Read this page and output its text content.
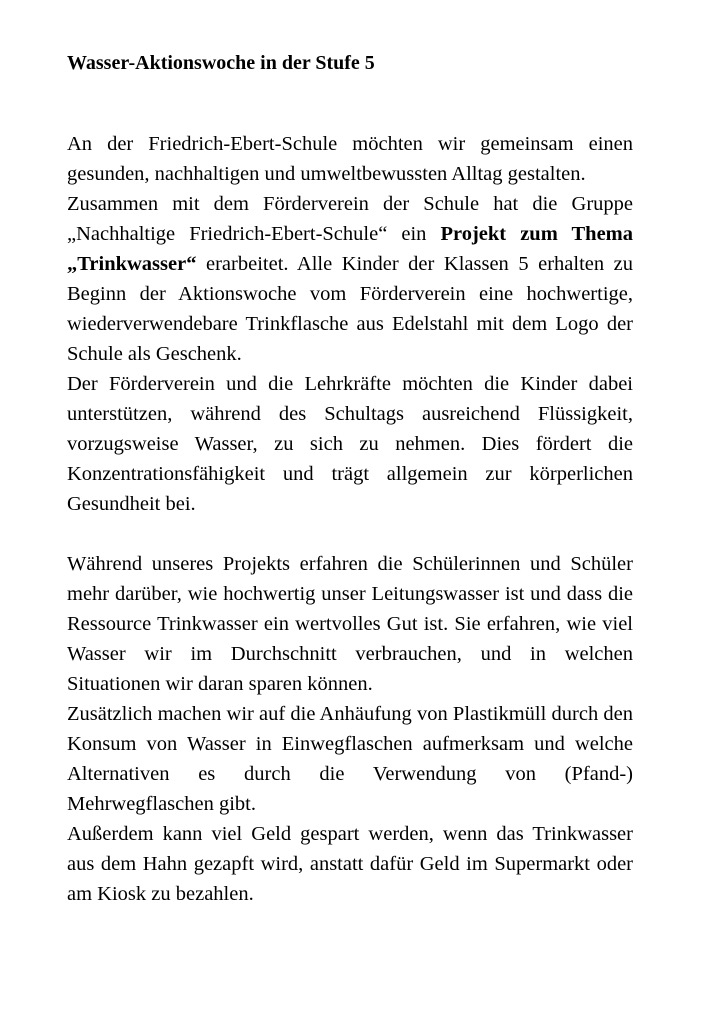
Wasser-Aktionswoche in der Stufe 5

An der Friedrich-Ebert-Schule möchten wir gemeinsam einen gesunden, nachhaltigen und umweltbewussten Alltag gestalten.

Zusammen mit dem Förderverein der Schule hat die Gruppe „Nachhaltige Friedrich-Ebert-Schule“ ein Projekt zum Thema „Trinkwasser“ erarbeitet. Alle Kinder der Klassen 5 erhalten zu Beginn der Aktionswoche vom Förderverein eine hochwertige, wiederverwendebare Trinkflasche aus Edelstahl mit dem Logo der Schule als Geschenk.

Der Förderverein und die Lehrkräfte möchten die Kinder dabei unterstützen, während des Schultags ausreichend Flüssigkeit, vorzugsweise Wasser, zu sich zu nehmen. Dies fördert die Konzentrationsfähigkeit und trägt allgemein zur körperlichen Gesundheit bei.

Während unseres Projekts erfahren die Schülerinnen und Schüler mehr darüber, wie hochwertig unser Leitungswasser ist und dass die Ressource Trinkwasser ein wertvolles Gut ist. Sie erfahren, wie viel Wasser wir im Durchschnitt verbrauchen, und in welchen Situationen wir daran sparen können.

Zusätzlich machen wir auf die Anhäufung von Plastikmüll durch den Konsum von Wasser in Einwegflaschen aufmerksam und welche Alternativen es durch die Verwendung von (Pfand-) Mehrwegflaschen gibt.

Außerdem kann viel Geld gespart werden, wenn das Trinkwasser aus dem Hahn gezapft wird, anstatt dafür Geld im Supermarkt oder am Kiosk zu bezahlen.
